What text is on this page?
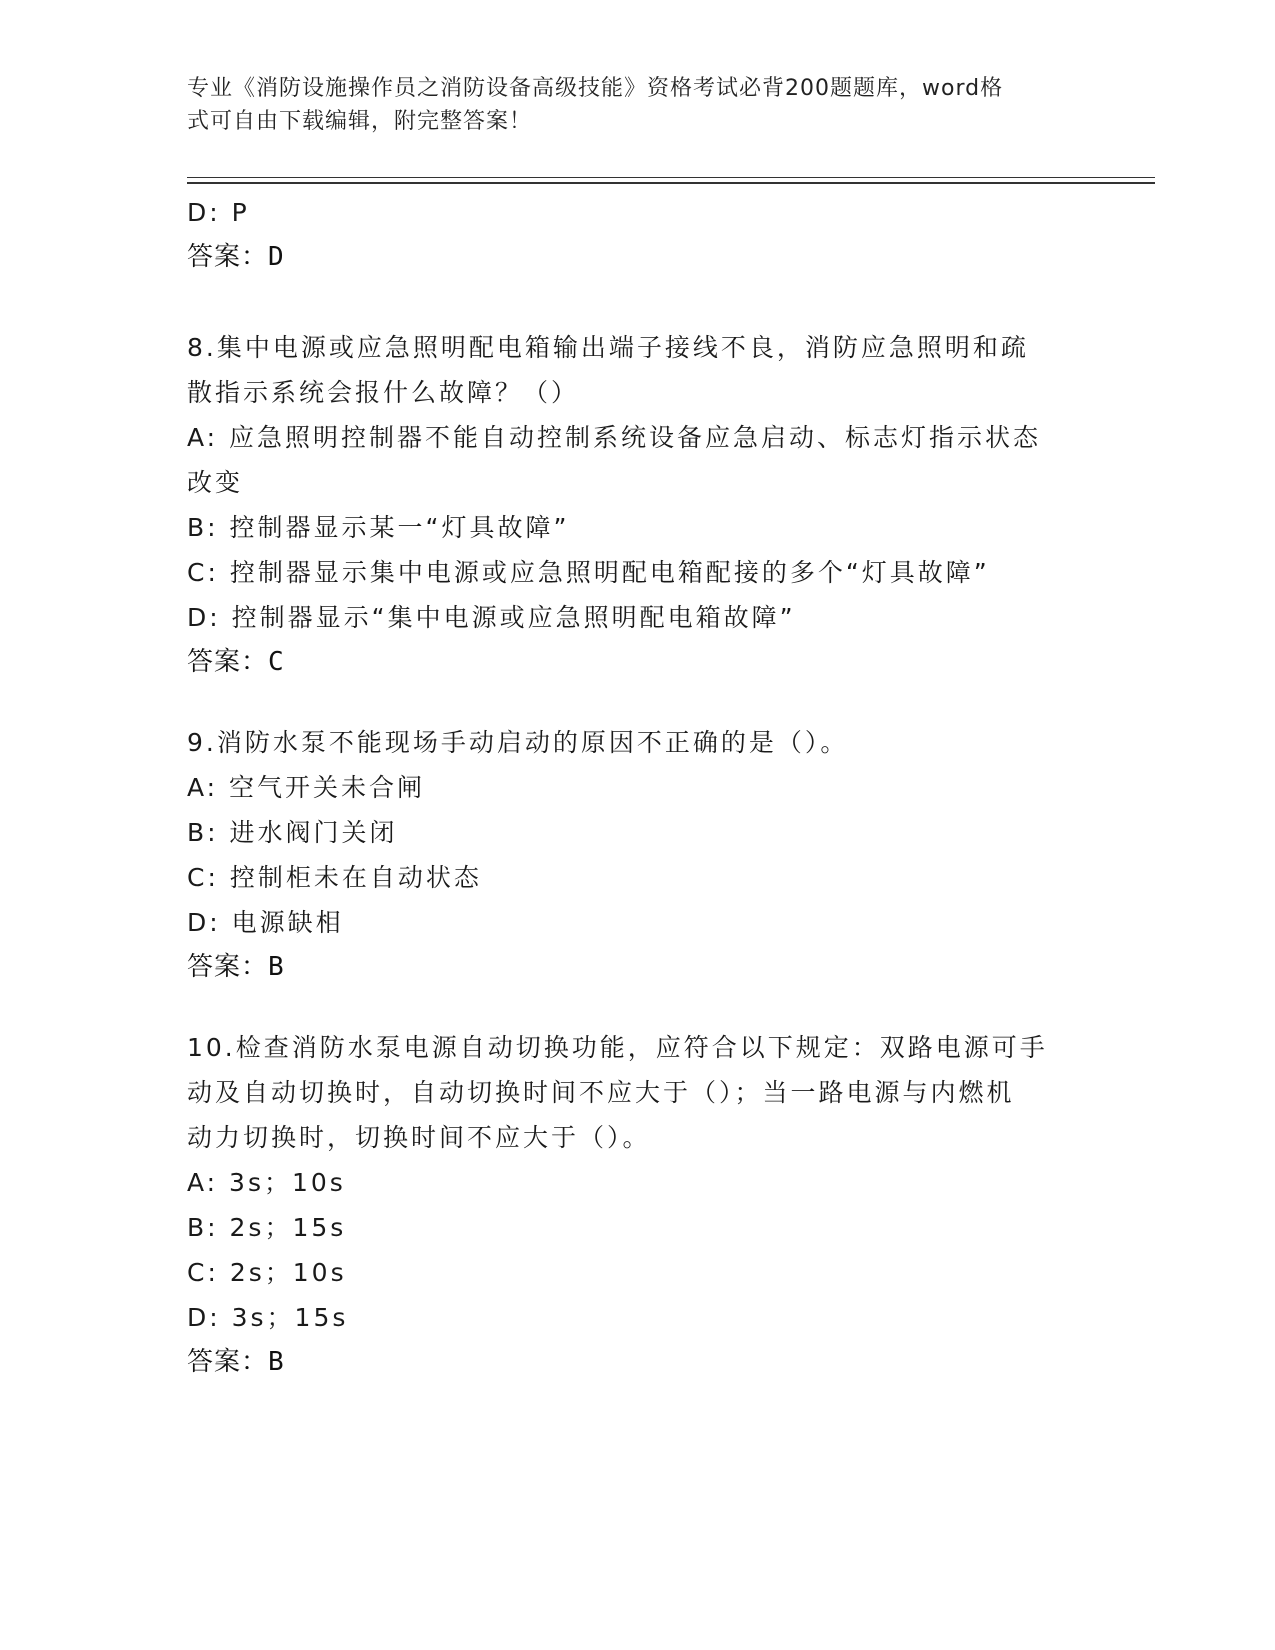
专业《消防设施操作员之消防设备高级技能》资格考试必背200题题库，word格
式可自由下载编辑，附完整答案！
D: P
答案：D
8.集中电源或应急照明配电箱输出端子接线不良，消防应急照明和疏
散指示系统会报什么故障？（）
A: 应急照明控制器不能自动控制系统设备应急启动、标志灯指示状态
改变
B: 控制器显示某一“灯具故障”
C: 控制器显示集中电源或应急照明配电箱配接的多个“灯具故障”
D: 控制器显示“集中电源或应急照明配电箱故障”
答案：C
9.消防水泵不能现场手动启动的原因不正确的是（）。
A: 空气开关未合闸
B: 进水阀门关闭
C: 控制柜未在自动状态
D: 电源缺相
答案：B
10.检查消防水泵电源自动切换功能，应符合以下规定：双路电源可手
动及自动切换时，自动切换时间不应大于（）；当一路电源与内燃机
动力切换时，切换时间不应大于（）。
A: 3s；10s
B: 2s；15s
C: 2s；10s
D: 3s；15s
答案：B
